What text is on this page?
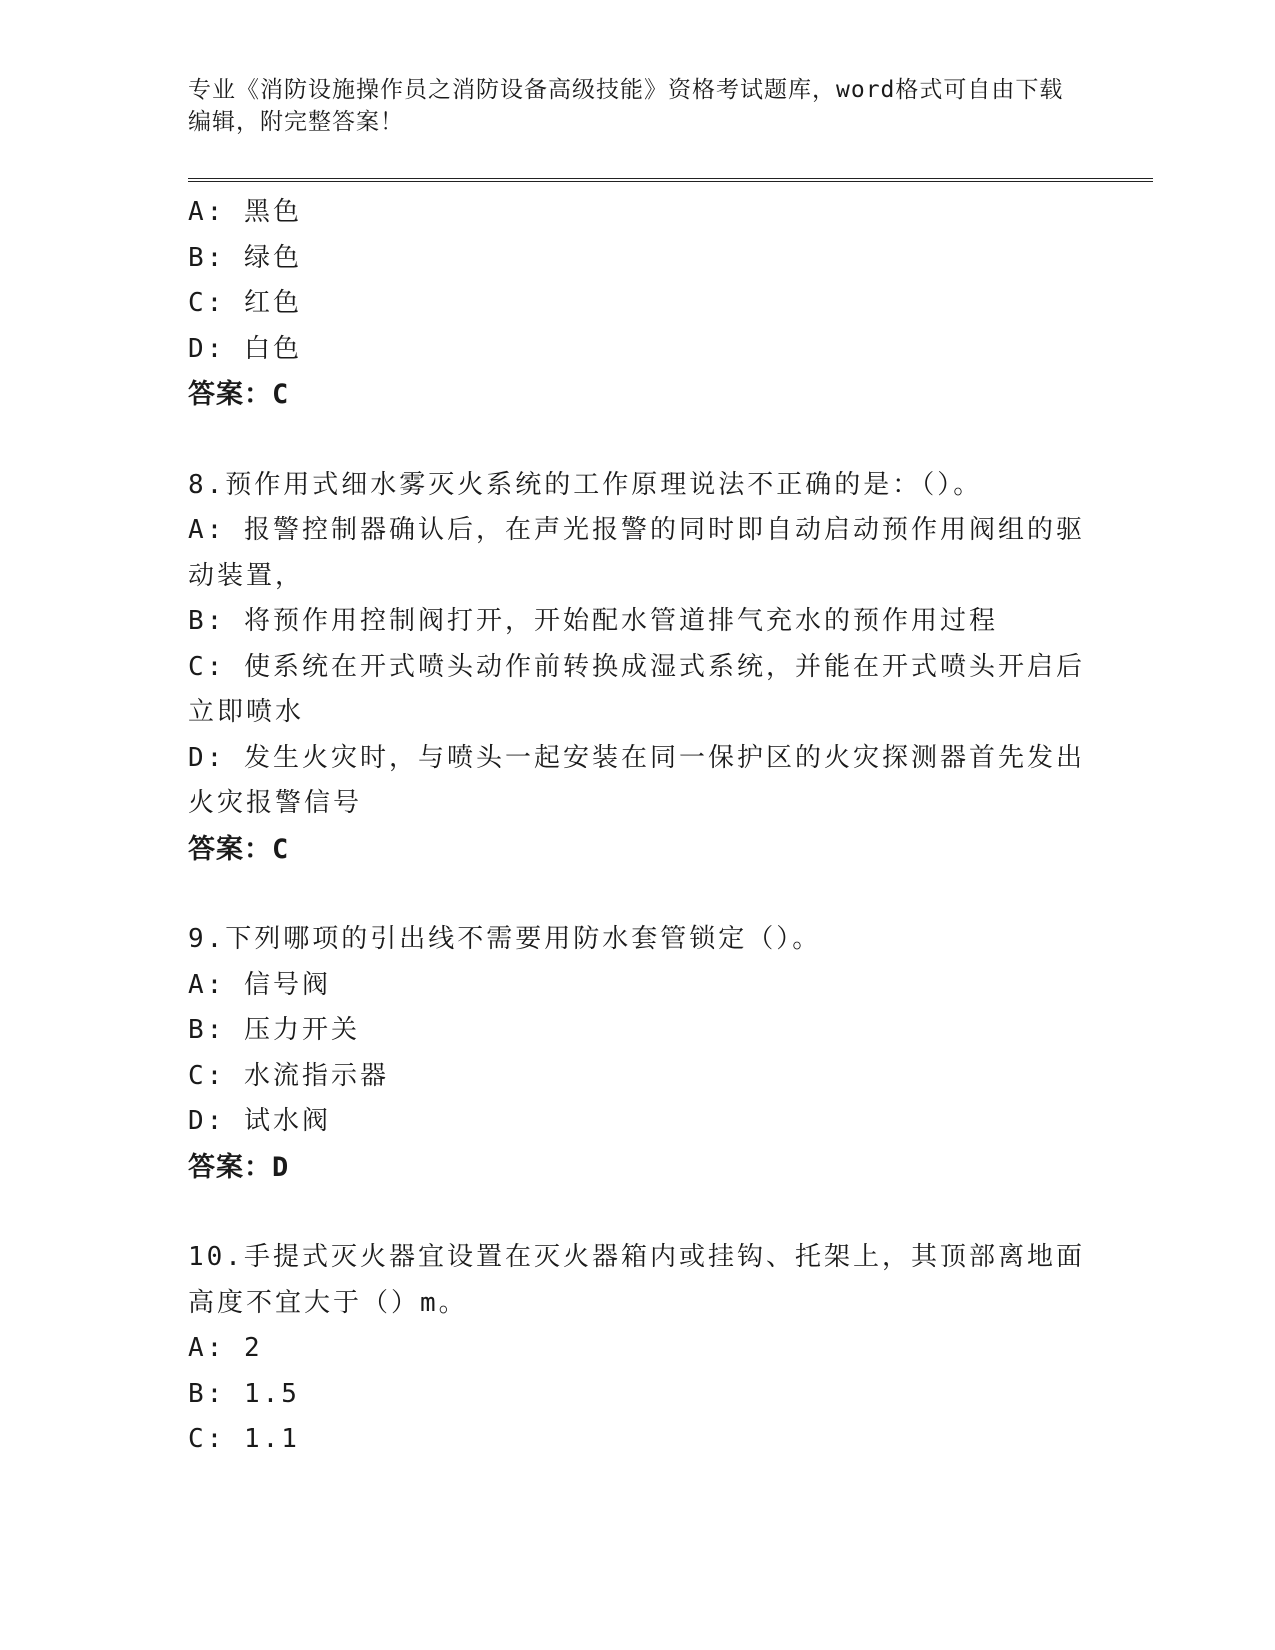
专业《消防设施操作员之消防设备高级技能》资格考试题库，word格式可自由下载编辑，附完整答案！

A: 黑色

B: 绿色

C: 红色

D: 白色

答案：C

8.预作用式细水雾灭火系统的工作原理说法不正确的是：（）。

A: 报警控制器确认后，在声光报警的同时即自动启动预作用阀组的驱动装置，

B: 将预作用控制阀打开，开始配水管道排气充水的预作用过程

C: 使系统在开式喷头动作前转换成湿式系统，并能在开式喷头开启后立即喷水

D: 发生火灾时，与喷头一起安装在同一保护区的火灾探测器首先发出火灾报警信号

答案：C

9.下列哪项的引出线不需要用防水套管锁定（）。

A: 信号阀

B: 压力开关

C: 水流指示器

D: 试水阀

答案：D

10.手提式灭火器宜设置在灭火器箱内或挂钩、托架上，其顶部离地面高度不宜大于（）m。

A: 2

B: 1.5

C: 1.1
